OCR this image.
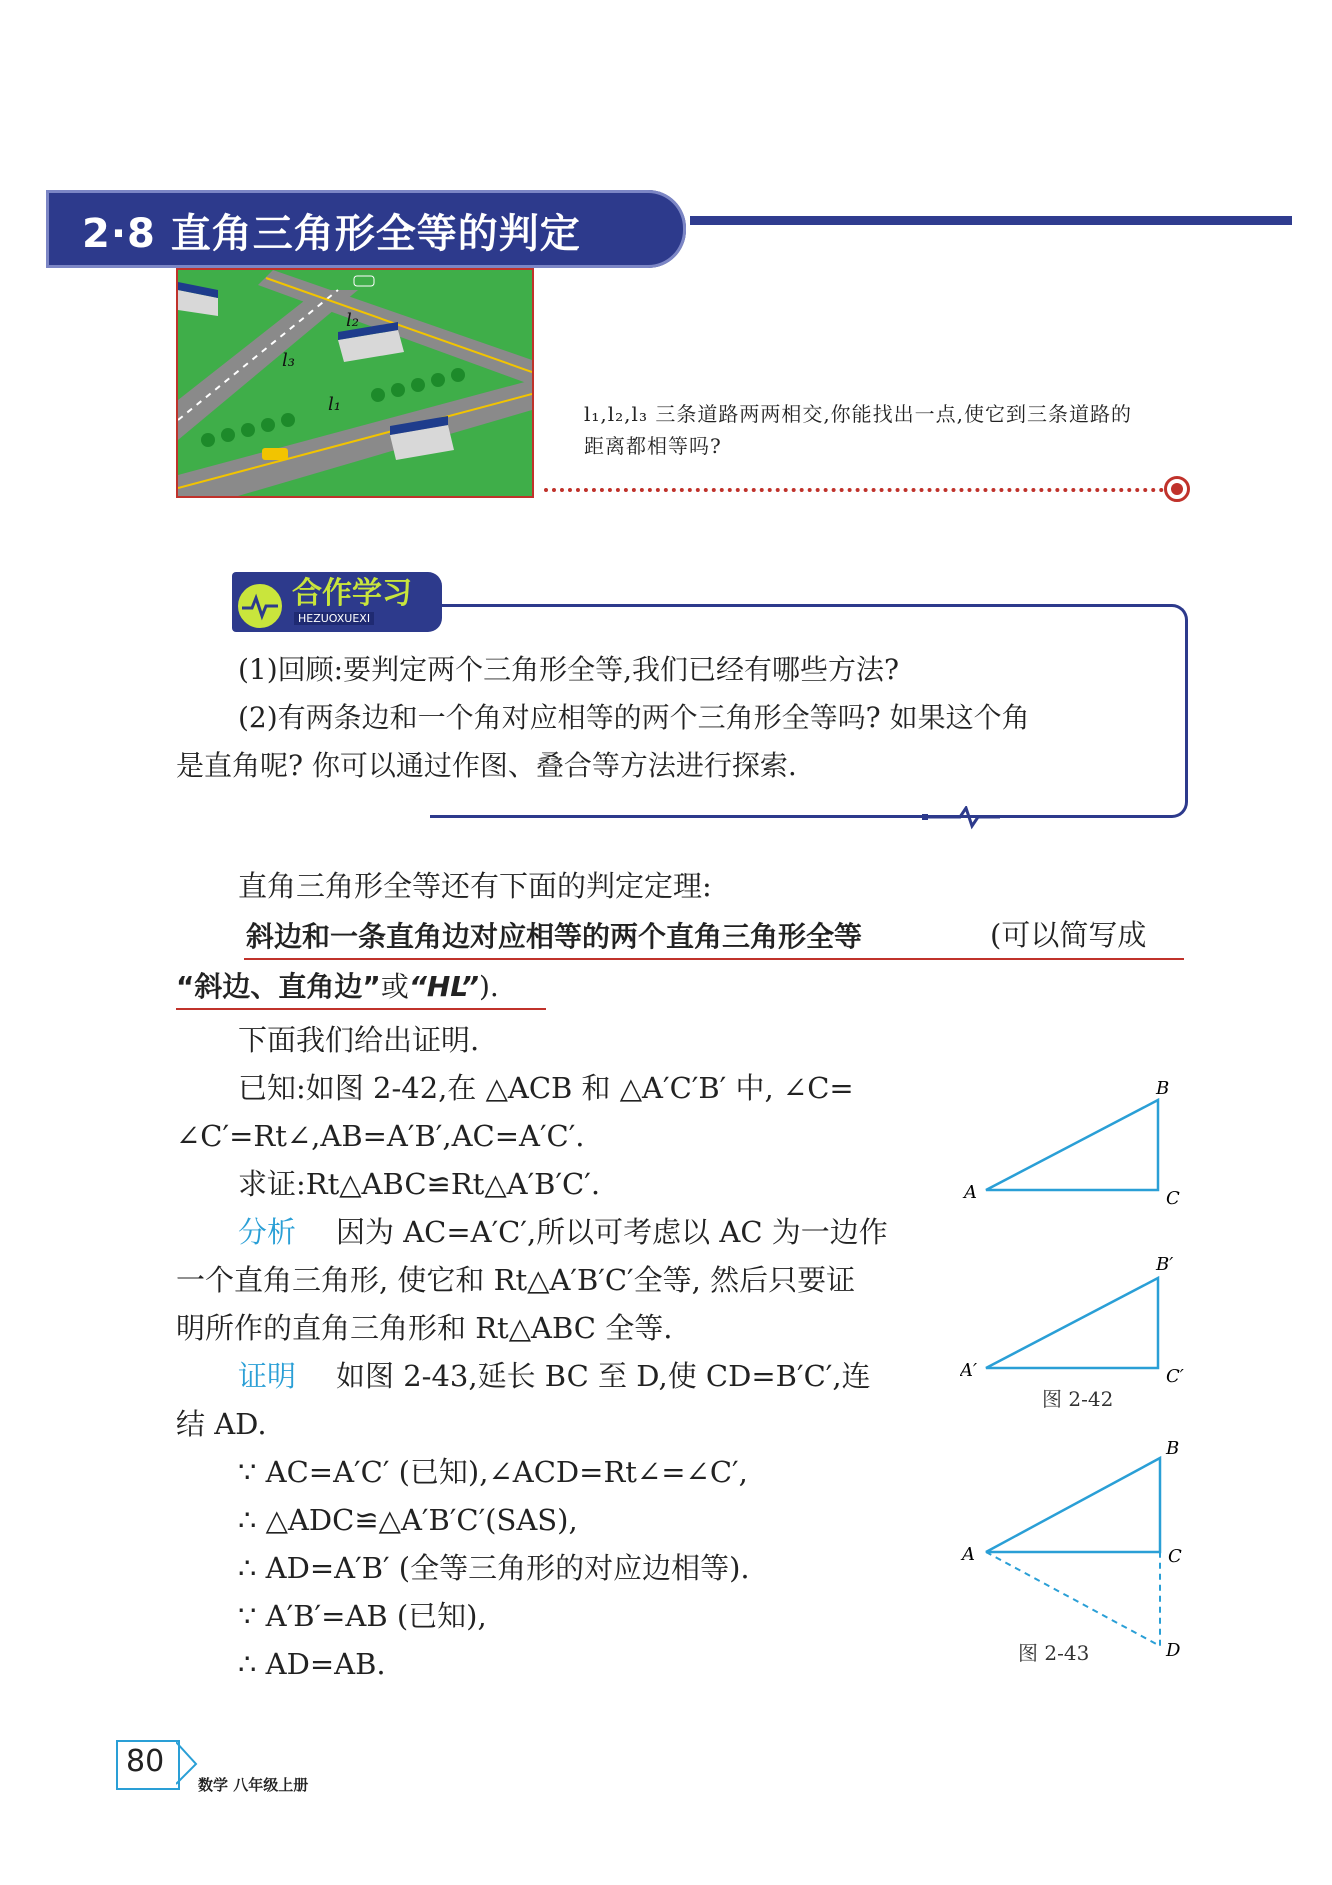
2·8 直角三角形全等的判定
l₂
l₃
l₁	l₁,l₂,l₃ 三条道路两两相交,你能找出一点,使它到三条道路的距离都相等吗?
合作学习
HEZUOXUEXI
(1)回顾:要判定两个三角形全等,我们已经有哪些方法?
(2)有两条边和一个角对应相等的两个三角形全等吗? 如果这个角
是直角呢? 你可以通过作图、叠合等方法进行探索.
直角三角形全等还有下面的判定定理:
斜边和一条直角边对应相等的两个直角三角形全等	(可以简写成
“斜边、直角边”或“HL”).
下面我们给出证明.
已知:如图 2-42,在 △ACB 和 △A′C′B′ 中, ∠C=
∠C′=Rt∠,AB=A′B′,AC=A′C′.
求证:Rt△ABC≌Rt△A′B′C′.
分析 因为 AC=A′C′,所以可考虑以 AC 为一边作
一个直角三角形, 使它和 Rt△A′B′C′全等, 然后只要证
明所作的直角三角形和 Rt△ABC 全等.
证明 如图 2-43,延长 BC 至 D,使 CD=B′C′,连
结 AD.
∵ AC=A′C′ (已知),∠ACD=Rt∠=∠C′,
∴ △ADC≌△A′B′C′(SAS),
∴ AD=A′B′ (全等三角形的对应边相等).
∵ A′B′=AB (已知),
∴ AD=AB.
A
B
C
A′
B′
C′
图 2-42
A
B
C
D
图 2-43
80
数学 八年级上册
